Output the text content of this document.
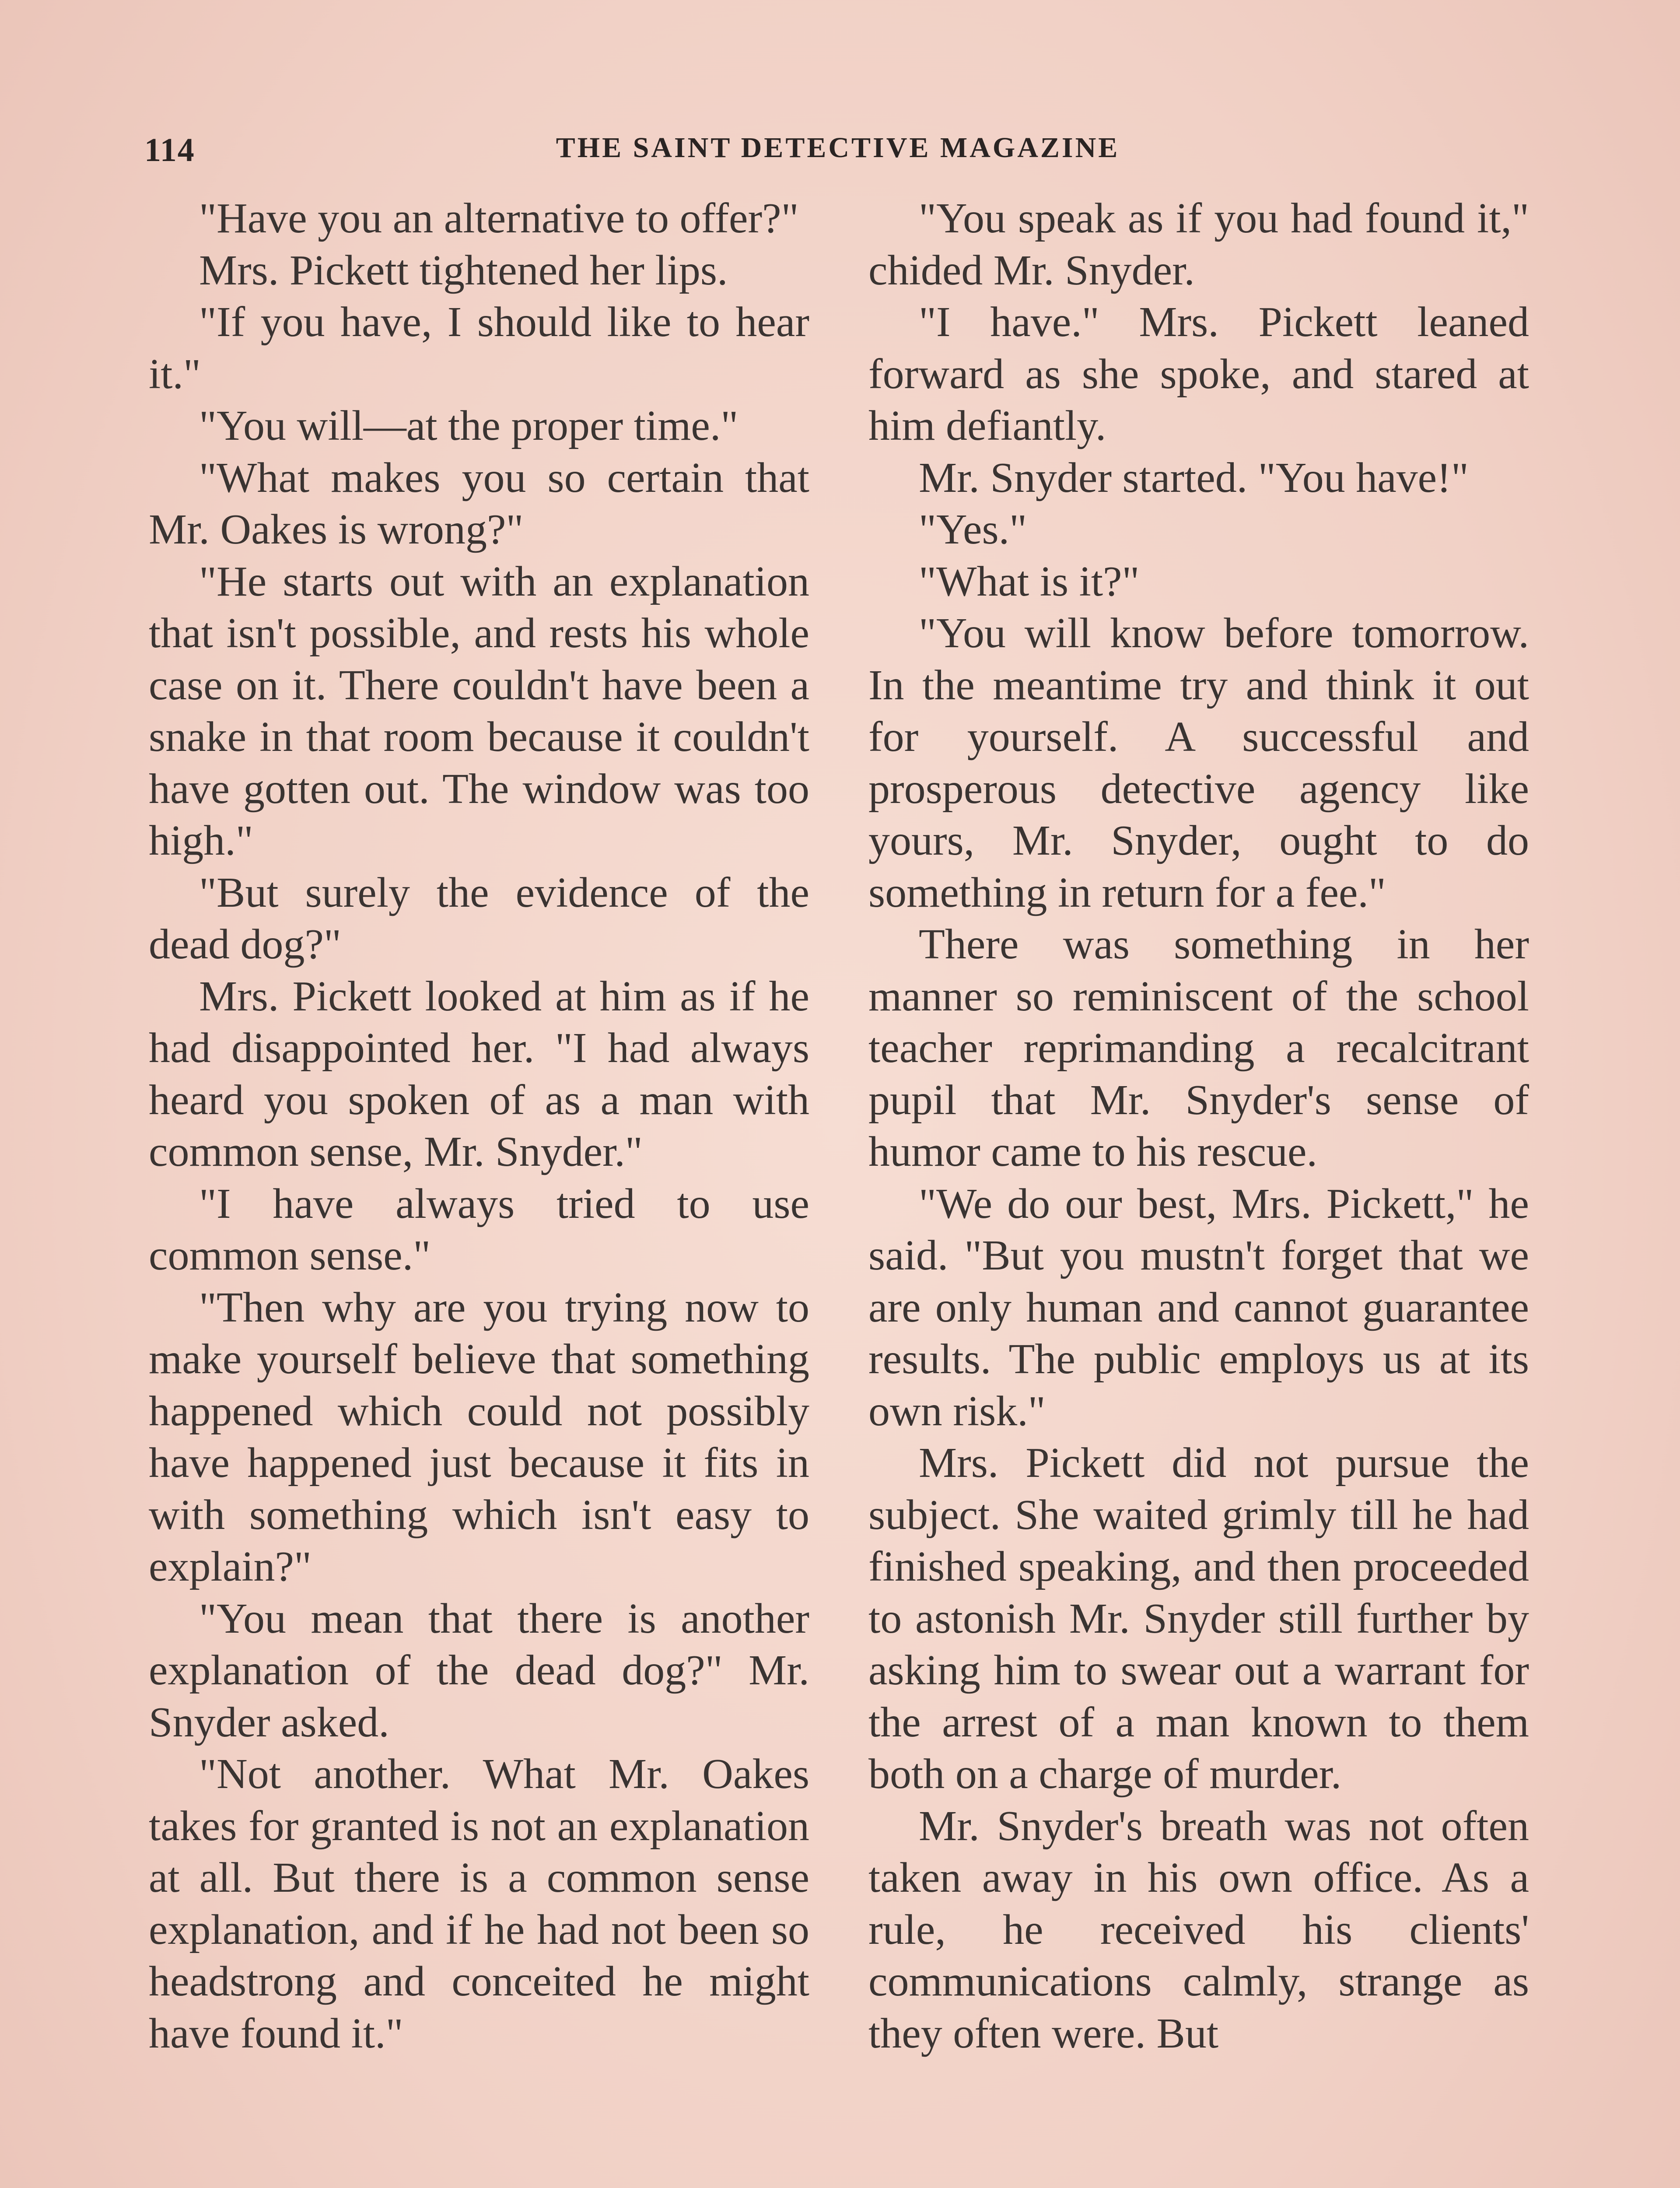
114	THE SAINT DETECTIVE MAGAZINE

"Have you an alternative to offer?"

Mrs. Pickett tightened her lips.

"If you have, I should like to hear it."

"You will—at the proper time."

"What makes you so certain that Mr. Oakes is wrong?"

"He starts out with an explanation that isn't possible, and rests his whole case on it. There couldn't have been a snake in that room because it couldn't have gotten out. The window was too high."

"But surely the evidence of the dead dog?"

Mrs. Pickett looked at him as if he had disappointed her. "I had always heard you spoken of as a man with common sense, Mr. Snyder."

"I have always tried to use common sense."

"Then why are you trying now to make yourself believe that something happened which could not possibly have happened just because it fits in with something which isn't easy to explain?"

"You mean that there is another explanation of the dead dog?" Mr. Snyder asked.

"Not another. What Mr. Oakes takes for granted is not an explanation at all. But there is a common sense explanation, and if he had not been so headstrong and conceited he might have found it."

"You speak as if you had found it," chided Mr. Snyder.

"I have." Mrs. Pickett leaned forward as she spoke, and stared at him defiantly.

Mr. Snyder started. "You have!"

"Yes."

"What is it?"

"You will know before tomorrow. In the meantime try and think it out for yourself. A successful and prosperous detective agency like yours, Mr. Snyder, ought to do something in return for a fee."

There was something in her manner so reminiscent of the school teacher reprimanding a recalcitrant pupil that Mr. Snyder's sense of humor came to his rescue.

"We do our best, Mrs. Pickett," he said. "But you mustn't forget that we are only human and cannot guarantee results. The public employs us at its own risk."

Mrs. Pickett did not pursue the subject. She waited grimly till he had finished speaking, and then proceeded to astonish Mr. Snyder still further by asking him to swear out a warrant for the arrest of a man known to them both on a charge of murder.

Mr. Snyder's breath was not often taken away in his own office. As a rule, he received his clients' communications calmly, strange as they often were. But
